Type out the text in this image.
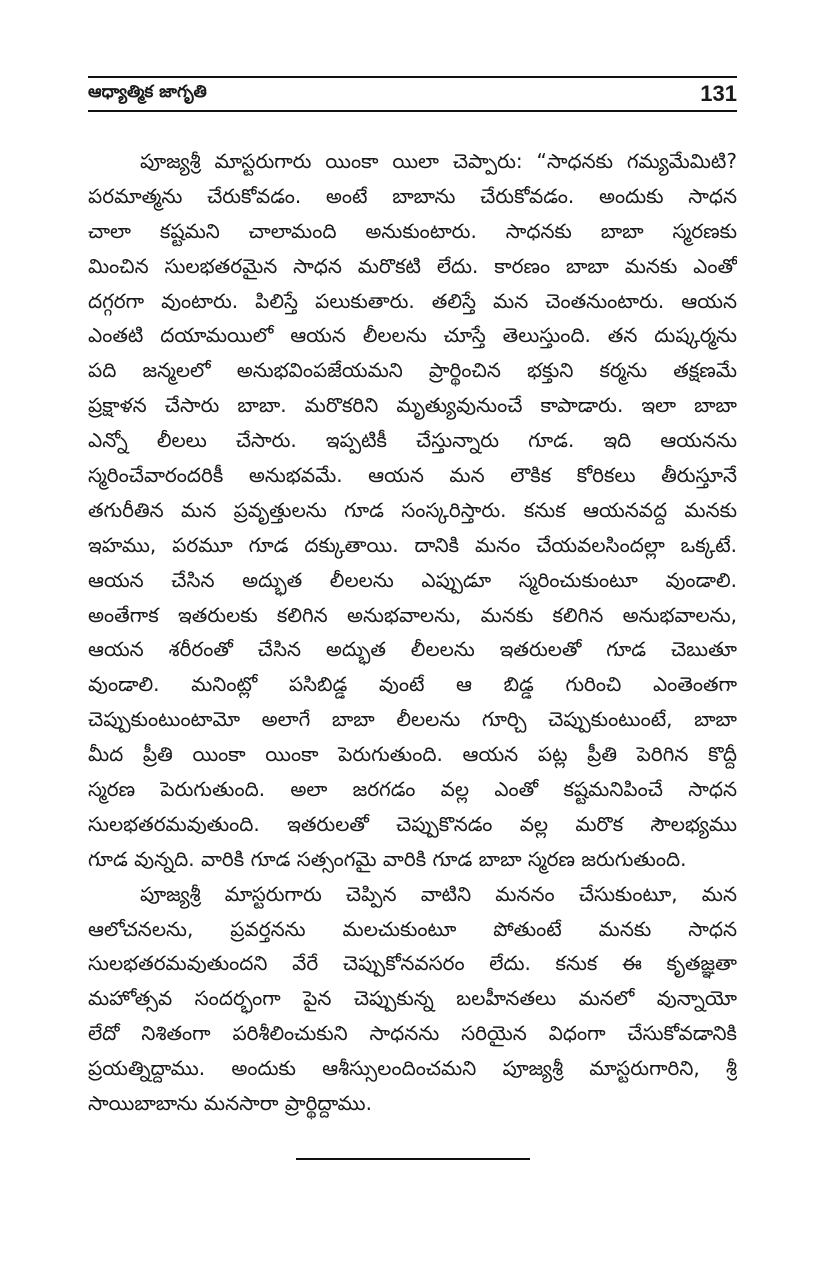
ఆధ్యాత్మిక జాగృతి	131
పూజ్యశ్రీ మాస్టరుగారు యింకా యిలా చెప్పారు: “సాధనకు గమ్యమేమిటి?
పరమాత్మను చేరుకోవడం. అంటే బాబాను చేరుకోవడం. అందుకు సాధన
చాలా కష్టమని చాలామంది అనుకుంటారు. సాధనకు బాబా స్మరణకు
మించిన సులభతరమైన సాధన మరొకటి లేదు. కారణం బాబా మనకు ఎంతో
దగ్గరగా వుంటారు. పిలిస్తే పలుకుతారు. తలిస్తే మన చెంతనుంటారు. ఆయన
ఎంతటి దయామయిలో ఆయన లీలలను చూస్తే తెలుస్తుంది. తన దుష్కర్మను
పది జన్మలలో అనుభవింపజేయమని ప్రార్థించిన భక్తుని కర్మను తక్షణమే
ప్రక్షాళన చేసారు బాబా. మరొకరిని మృత్యువునుంచే కాపాడారు. ఇలా బాబా
ఎన్నో లీలలు చేసారు. ఇప్పటికీ చేస్తున్నారు గూడ. ఇది ఆయనను
స్మరించేవారందరికీ అనుభవమే. ఆయన మన లౌకిక కోరికలు తీరుస్తూనే
తగురీతిన మన ప్రవృత్తులను గూడ సంస్కరిస్తారు. కనుక ఆయనవద్ద మనకు
ఇహము, పరమూ గూడ దక్కుతాయి. దానికి మనం చేయవలసిందల్లా ఒక్కటే.
ఆయన చేసిన అద్భుత లీలలను ఎప్పుడూ స్మరించుకుంటూ వుండాలి.
అంతేగాక ఇతరులకు కలిగిన అనుభవాలను, మనకు కలిగిన అనుభవాలను,
ఆయన శరీరంతో చేసిన అద్భుత లీలలను ఇతరులతో గూడ చెబుతూ
వుండాలి. మనింట్లో పసిబిడ్డ వుంటే ఆ బిడ్డ గురించి ఎంతెంతగా
చెప్పుకుంటుంటామో అలాగే బాబా లీలలను గూర్చి చెప్పుకుంటుంటే, బాబా
మీద ప్రీతి యింకా యింకా పెరుగుతుంది. ఆయన పట్ల ప్రీతి పెరిగిన కొద్దీ
స్మరణ పెరుగుతుంది. అలా జరగడం వల్ల ఎంతో కష్టమనిపించే సాధన
సులభతరమవుతుంది. ఇతరులతో చెప్పుకొనడం వల్ల మరొక సౌలభ్యము
గూడ వున్నది. వారికి గూడ సత్సంగమై వారికి గూడ బాబా స్మరణ జరుగుతుంది.
పూజ్యశ్రీ మాస్టరుగారు చెప్పిన వాటిని మననం చేసుకుంటూ, మన
ఆలోచనలను, ప్రవర్తనను మలచుకుంటూ పోతుంటే మనకు సాధన
సులభతరమవుతుందని వేరే చెప్పుకోనవసరం లేదు. కనుక ఈ కృతజ్ఞతా
మహోత్సవ సందర్భంగా పైన చెప్పుకున్న బలహీనతలు మనలో వున్నాయో
లేదో నిశితంగా పరిశీలించుకుని సాధనను సరియైన విధంగా చేసుకోవడానికి
ప్రయత్నిద్దాము. అందుకు ఆశీస్సులందించమని పూజ్యశ్రీ మాస్టరుగారిని, శ్రీ
సాయిబాబాను మనసారా ప్రార్థిద్దాము.
